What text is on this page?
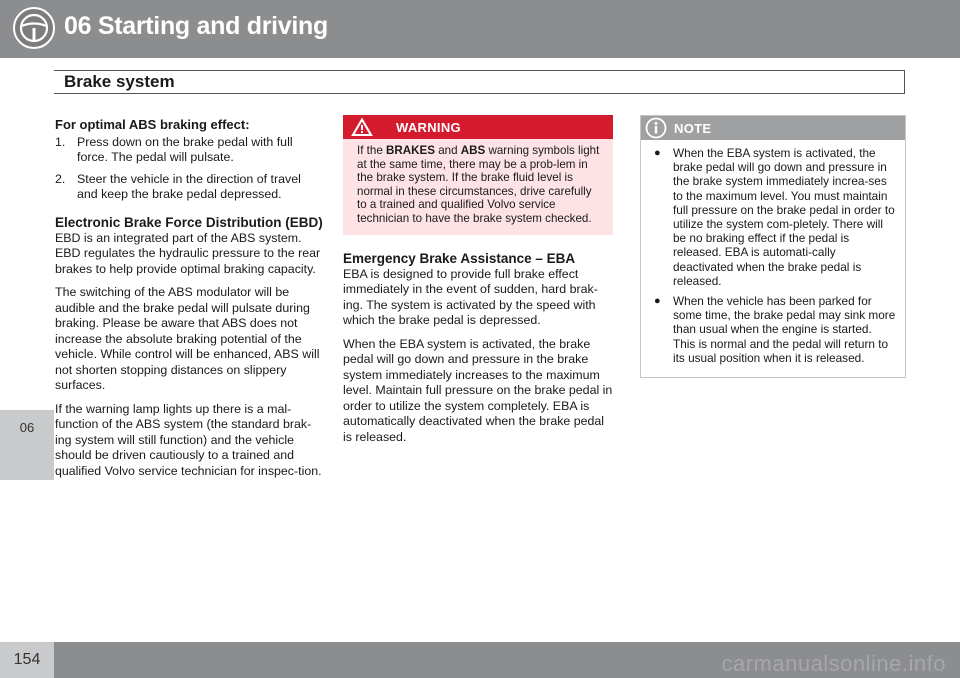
06 Starting and driving
Brake system
06
For optimal ABS braking effect:
1. Press down on the brake pedal with full force. The pedal will pulsate.
2. Steer the vehicle in the direction of travel and keep the brake pedal depressed.
Electronic Brake Force Distribution (EBD)

EBD is an integrated part of the ABS system. EBD regulates the hydraulic pressure to the rear brakes to help provide optimal braking capacity.

The switching of the ABS modulator will be audible and the brake pedal will pulsate during braking. Please be aware that ABS does not increase the absolute braking potential of the vehicle. While control will be enhanced, ABS will not shorten stopping distances on slippery surfaces.

If the warning lamp lights up there is a mal-function of the ABS system (the standard brak-ing system will still function) and the vehicle should be driven cautiously to a trained and qualified Volvo service technician for inspec-tion.

WARNING
If the BRAKES and ABS warning symbols light at the same time, there may be a prob-lem in the brake system. If the brake fluid level is normal in these circumstances, drive carefully to a trained and qualified Volvo service technician to have the brake system checked.
Emergency Brake Assistance – EBA

EBA is designed to provide full brake effect immediately in the event of sudden, hard brak-ing. The system is activated by the speed with which the brake pedal is depressed.

When the EBA system is activated, the brake pedal will go down and pressure in the brake system immediately increases to the maximum level. Maintain full pressure on the brake pedal in order to utilize the system completely. EBA is automatically deactivated when the brake pedal is released.

NOTE
● When the EBA system is activated, the brake pedal will go down and pressure in the brake system immediately increa-ses to the maximum level. You must maintain full pressure on the brake pedal in order to utilize the system com-pletely. There will be no braking effect if the pedal is released. EBA is automati-cally deactivated when the brake pedal is released.
● When the vehicle has been parked for some time, the brake pedal may sink more than usual when the engine is started. This is normal and the pedal will return to its usual position when it is released.
154	carmanualsonline.info
